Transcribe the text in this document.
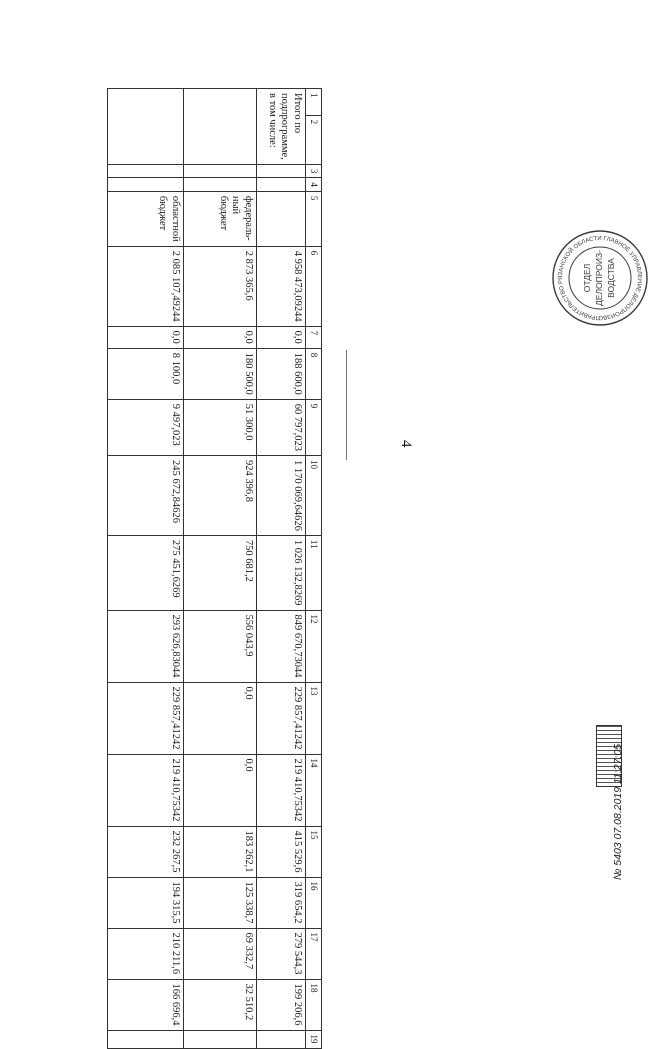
4
1	2	3	4	5	6	7	8	9	10	11	12	13	14	15	16	17	18	19
Итого по подпрограмме, в том числе:					4 958 473,09244	0,0	188 600,0	60 797,023	1 170 069,64626	1 026 132,8269	849 670,73044	229 857,41242	219 410,75342	415 529,6	319 654,2	279 544,3	199 206,6	
				федераль-ный бюджет	2 873 365,6	0,0	180 500,0	51 300,0	924 396,8	750 681,2	556 043,9	0,0	0,0	183 262,1	125 338,7	69 332,7	32 510,2	
				областной бюджет	2 085 107,49244	0,0	8 100,0	9 497,023	245 672,84626	275 451,6269	293 626,83044	229 857,41242	219 410,75342	232 267,5	194 315,5	210 211,6	166 696,4	
ПРАВИТЕЛЬСТВО РЯЗАНСКОЙ ОБЛАСТИ ГЛАВНОЕ УПРАВЛЕНИЕ ДЕЛОПРОИЗВО
ОТДЕЛ ДЕЛОПРОИЗ- ВОДСТВА
№ 5403 07.08.2019 11:27:05
